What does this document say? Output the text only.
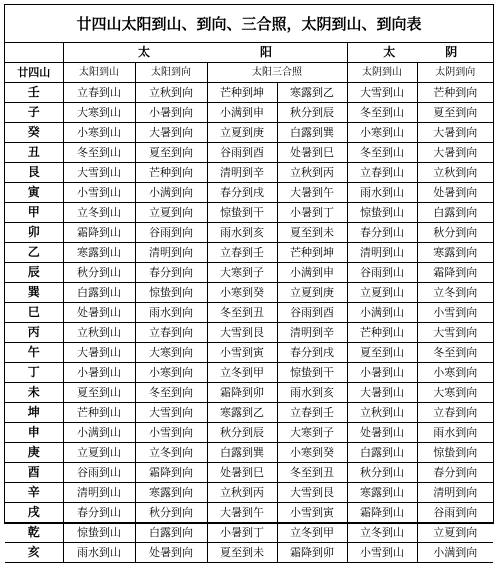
廿四山太阳到山、到向、三合照，太阴到山、到向表
	太 阳				太 阴	
廿四山	太阳到山	太阳到向	太阳三合照		太阴到山	太阴到向
壬	立春到山	立秋到向	芒种到坤	寒露到乙	大雪到山	芒种到向
子	大寒到山	小暑到向	小满到申	秋分到辰	冬至到山	夏至到向
癸	小寒到山	大暑到向	立夏到庚	白露到巽	小寒到山	大暑到向
丑	冬至到山	夏至到向	谷雨到酉	处暑到巳	冬至到山	大暑到向
艮	大雪到山	芒种到向	清明到辛	立秋到丙	立春到山	立秋到向
寅	小雪到山	小满到向	春分到戌	大暑到午	雨水到山	处暑到向
甲	立冬到山	立夏到向	惊蛰到干	小暑到丁	惊蛰到山	白露到向
卯	霜降到山	谷雨到向	雨水到亥	夏至到未	春分到山	秋分到向
乙	寒露到山	清明到向	立春到壬	芒种到坤	清明到山	寒露到向
辰	秋分到山	春分到向	大寒到子	小满到申	谷雨到山	霜降到向
巽	白露到山	惊蛰到向	小寒到癸	立夏到庚	立夏到山	立冬到向
巳	处暑到山	雨水到向	冬至到丑	谷雨到酉	小满到山	小雪到向
丙	立秋到山	立春到向	大雪到艮	清明到辛	芒种到山	大雪到向
午	大暑到山	大寒到向	小雪到寅	春分到戌	夏至到山	冬至到向
丁	小暑到山	小寒到向	立冬到甲	惊蛰到干	小暑到山	小寒到向
未	夏至到山	冬至到向	霜降到卯	雨水到亥	大暑到山	大寒到向
坤	芒种到山	大雪到向	寒露到乙	立春到壬	立秋到山	立春到向
申	小满到山	小雪到向	秋分到辰	大寒到子	处暑到山	雨水到向
庚	立夏到山	立冬到向	白露到巽	小寒到癸	白露到山	惊蛰到向
酉	谷雨到山	霜降到向	处暑到巳	冬至到丑	秋分到山	春分到向
辛	清明到山	寒露到向	立秋到丙	大雪到艮	寒露到山	清明到向
戌	春分到山	秋分到向	大暑到午	小雪到寅	霜降到山	谷雨到向
乾	惊蛰到山	白露到向	小暑到丁	立冬到甲	立冬到山	立夏到向
亥	雨水到山	处暑到向	夏至到未	霜降到卯	小雪到山	小满到向
